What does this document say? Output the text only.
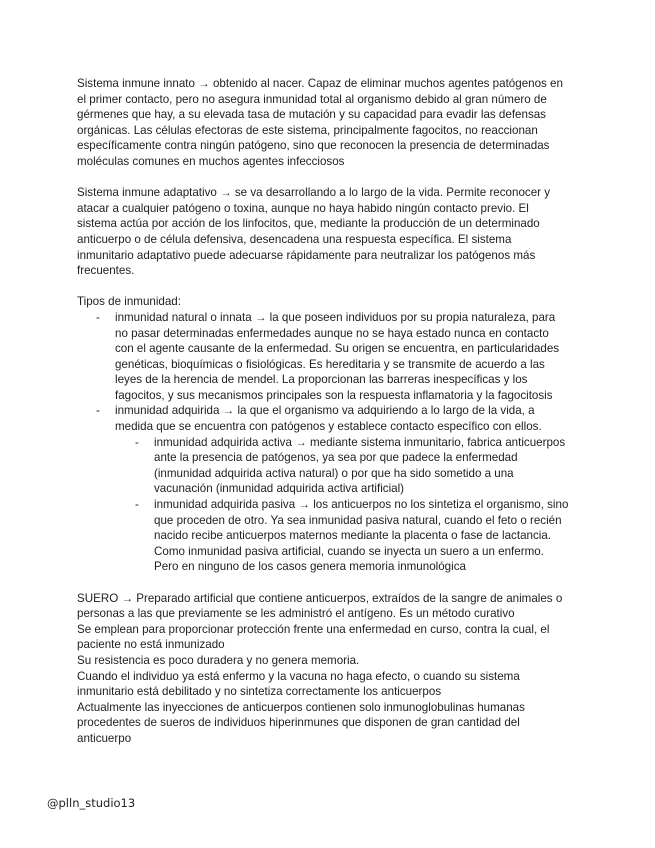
Sistema inmune innato → obtenido al nacer. Capaz de eliminar muchos agentes patógenos en
el primer contacto, pero no asegura inmunidad total al organismo debido al gran número de
gérmenes que hay, a su elevada tasa de mutación y su capacidad para evadir las defensas
orgánicas. Las células efectoras de este sistema, principalmente fagocitos, no reaccionan
específicamente contra ningún patógeno, sino que reconocen la presencia de determinadas
moléculas comunes en muchos agentes infecciosos

Sistema inmune adaptativo → se va desarrollando a lo largo de la vida. Permite reconocer y
atacar a cualquier patógeno o toxina, aunque no haya habido ningún contacto previo. El
sistema actúa por acción de los linfocitos, que, mediante la producción de un determinado
anticuerpo o de célula defensiva, desencadena una respuesta específica. El sistema
inmunitario adaptativo puede adecuarse rápidamente para neutralizar los patógenos más
frecuentes.

Tipos de inmunidad:
- inmunidad natural o innata → la que poseen individuos por su propia naturaleza, para
no pasar determinadas enfermedades aunque no se haya estado nunca en contacto
con el agente causante de la enfermedad. Su origen se encuentra, en particularidades
genéticas, bioquímicas o fisiológicas. Es hereditaria y se transmite de acuerdo a las
leyes de la herencia de mendel. La proporcionan las barreras inespecíficas y los
fagocitos, y sus mecanismos principales son la respuesta inflamatoria y la fagocitosis
- inmunidad adquirida → la que el organismo va adquiriendo a lo largo de la vida, a
medida que se encuentra con patógenos y establece contacto específico con ellos.
- inmunidad adquirida activa → mediante sistema inmunitario, fabrica anticuerpos
ante la presencia de patógenos, ya sea por que padece la enfermedad
(inmunidad adquirida activa natural) o por que ha sido sometido a una
vacunación (inmunidad adquirida activa artificial)
- inmunidad adquirida pasiva → los anticuerpos no los sintetiza el organismo, sino
que proceden de otro. Ya sea inmunidad pasiva natural, cuando el feto o recién
nacido recibe anticuerpos maternos mediante la placenta o fase de lactancia.
Como inmunidad pasiva artificial, cuando se inyecta un suero a un enfermo.
Pero en ninguno de los casos genera memoria inmunológica

SUERO → Preparado artificial que contiene anticuerpos, extraídos de la sangre de animales o
personas a las que previamente se les administró el antígeno. Es un método curativo
Se emplean para proporcionar protección frente una enfermedad en curso, contra la cual, el
paciente no está inmunizado
Su resistencia es poco duradera y no genera memoria.
Cuando el individuo ya está enfermo y la vacuna no haga efecto, o cuando su sistema
inmunitario está debilitado y no sintetiza correctamente los anticuerpos
Actualmente las inyecciones de anticuerpos contienen solo inmunoglobulinas humanas
procedentes de sueros de individuos hiperinmunes que disponen de gran cantidad del
anticuerpo

@plln_studio13
